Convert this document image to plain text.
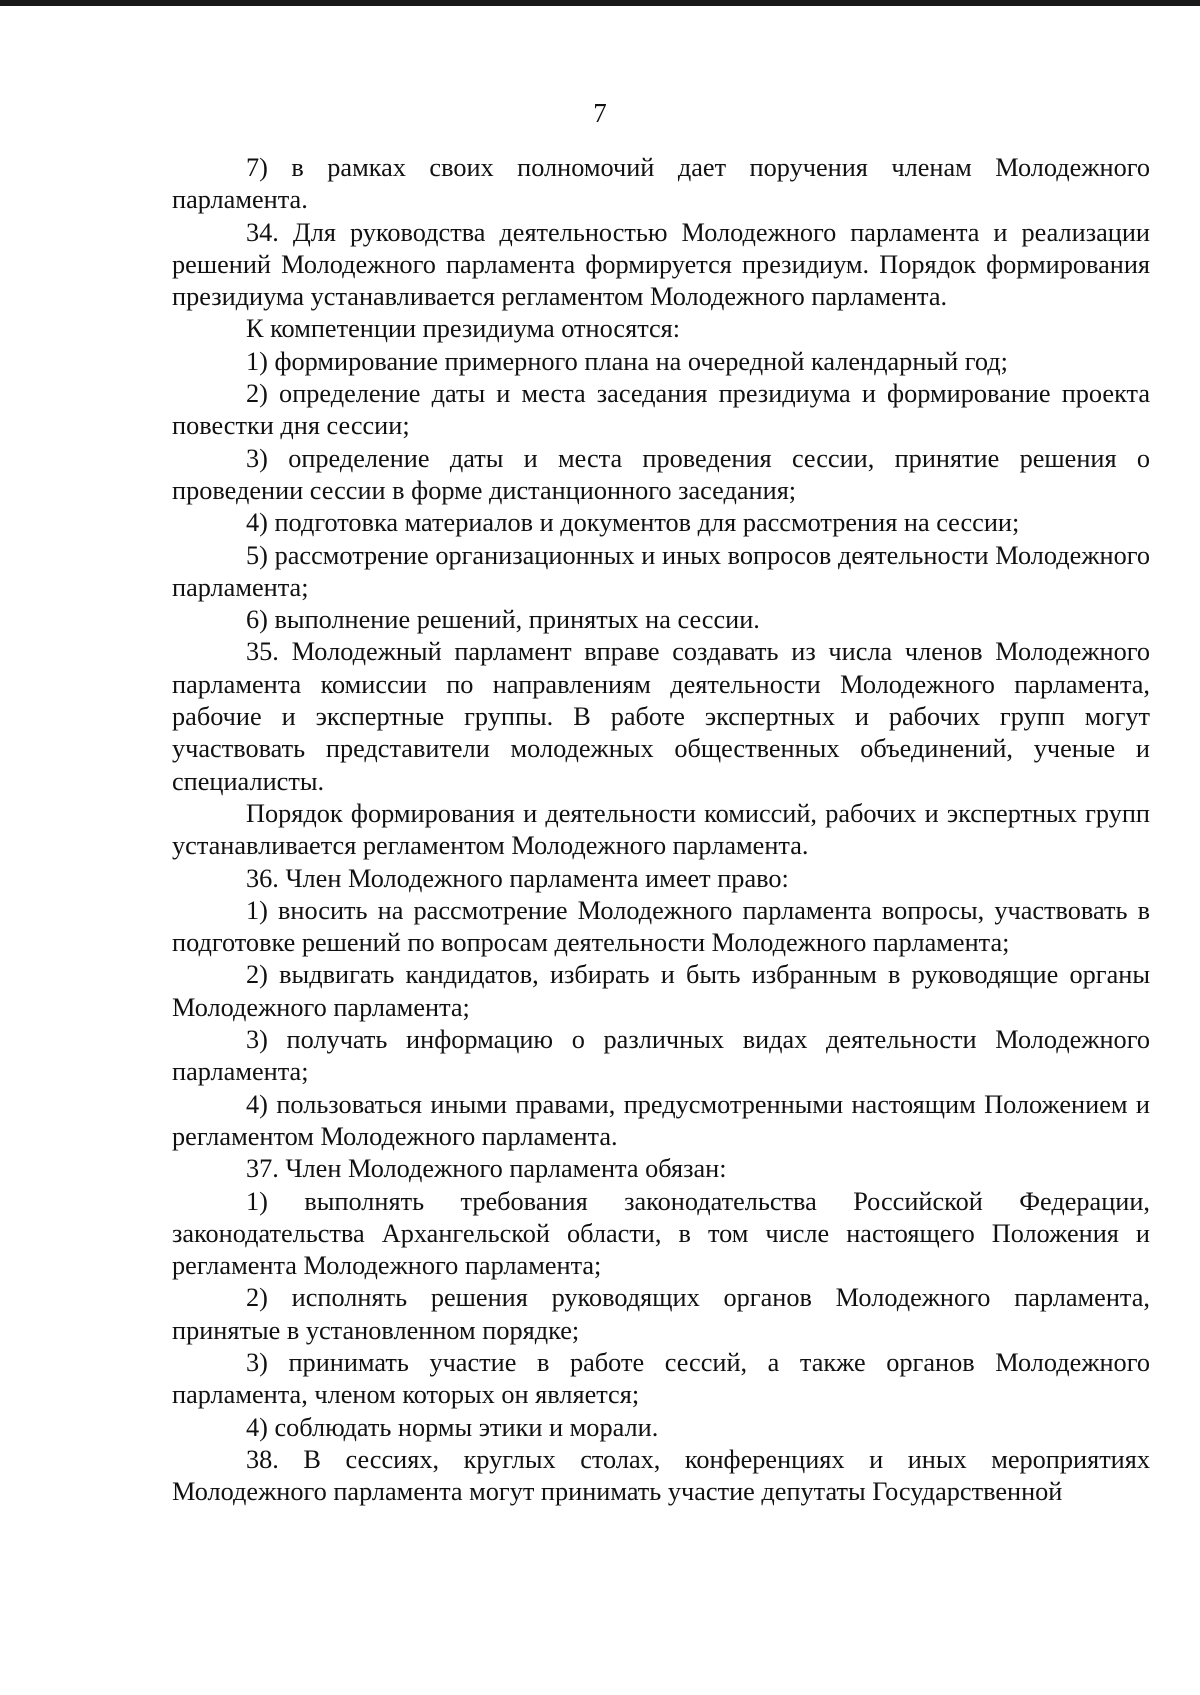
7

7) в рамках своих полномочий дает поручения членам Молодежного парламента.

34. Для руководства деятельностью Молодежного парламента и реализации решений Молодежного парламента формируется президиум. Порядок формирования президиума устанавливается регламентом Молодежного парламента.

К компетенции президиума относятся:

1) формирование примерного плана на очередной календарный год;

2) определение даты и места заседания президиума и формирование проекта повестки дня сессии;

3) определение даты и места проведения сессии, принятие решения о проведении сессии в форме дистанционного заседания;

4) подготовка материалов и документов для рассмотрения на сессии;

5) рассмотрение организационных и иных вопросов деятельности Молодежного парламента;

6) выполнение решений, принятых на сессии.

35. Молодежный парламент вправе создавать из числа членов Молодежного парламента комиссии по направлениям деятельности Молодежного парламента, рабочие и экспертные группы. В работе экспертных и рабочих групп могут участвовать представители молодежных общественных объединений, ученые и специалисты.

Порядок формирования и деятельности комиссий, рабочих и экспертных групп устанавливается регламентом Молодежного парламента.

36. Член Молодежного парламента имеет право:

1) вносить на рассмотрение Молодежного парламента вопросы, участвовать в подготовке решений по вопросам деятельности Молодежного парламента;

2) выдвигать кандидатов, избирать и быть избранным в руководящие органы Молодежного парламента;

3) получать информацию о различных видах деятельности Молодежного парламента;

4) пользоваться иными правами, предусмотренными настоящим Положением и регламентом Молодежного парламента.

37. Член Молодежного парламента обязан:

1) выполнять требования законодательства Российской Федерации, законодательства Архангельской области, в том числе настоящего Положения и регламента Молодежного парламента;

2) исполнять решения руководящих органов Молодежного парламента, принятые в установленном порядке;

3) принимать участие в работе сессий, а также органов Молодежного парламента, членом которых он является;

4) соблюдать нормы этики и морали.

38. В сессиях, круглых столах, конференциях и иных мероприятиях Молодежного парламента могут принимать участие депутаты Государственной
